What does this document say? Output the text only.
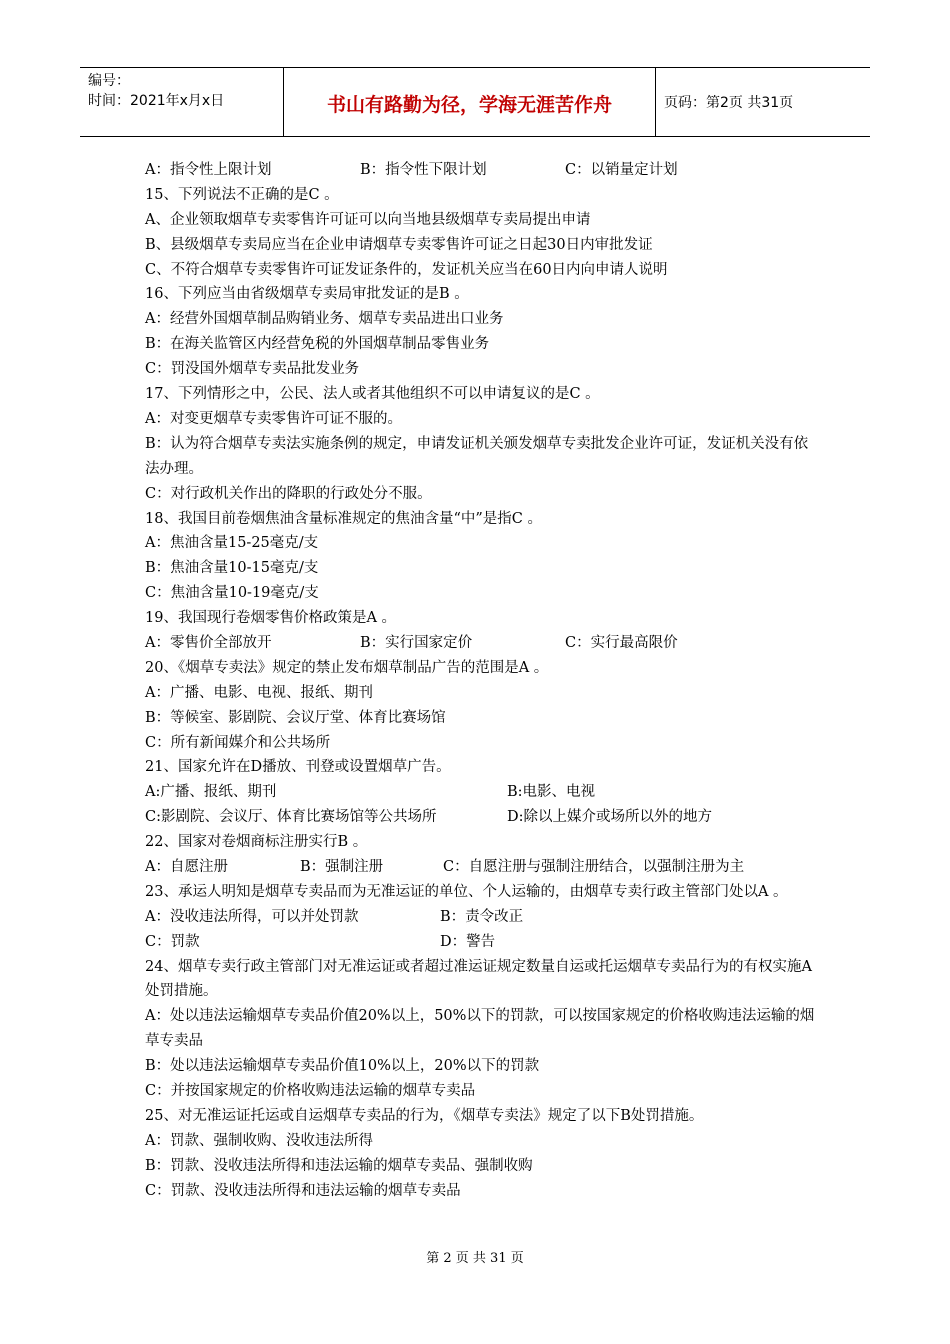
编号：
时间：2021年x月x日	书山有路勤为径，学海无涯苦作舟	页码：第2页 共31页
A：指令性上限计划	B：指令性下限计划	C：以销量定计划
15、下列说法不正确的是C 。
A、企业领取烟草专卖零售许可证可以向当地县级烟草专卖局提出申请
B、县级烟草专卖局应当在企业申请烟草专卖零售许可证之日起30日内审批发证
C、不符合烟草专卖零售许可证发证条件的，发证机关应当在60日内向申请人说明
16、下列应当由省级烟草专卖局审批发证的是B 。
A：经营外国烟草制品购销业务、烟草专卖品进出口业务
B：在海关监管区内经营免税的外国烟草制品零售业务
C：罚没国外烟草专卖品批发业务
17、下列情形之中，公民、法人或者其他组织不可以申请复议的是C 。
A：对变更烟草专卖零售许可证不服的。
B：认为符合烟草专卖法实施条例的规定，申请发证机关颁发烟草专卖批发企业许可证，发证机关没有依法办理。
C：对行政机关作出的降职的行政处分不服。
18、我国目前卷烟焦油含量标准规定的焦油含量“中”是指C 。
A：焦油含量15-25毫克/支
B：焦油含量10-15毫克/支
C：焦油含量10-19毫克/支
19、我国现行卷烟零售价格政策是A 。
A：零售价全部放开	B：实行国家定价	C：实行最高限价
20、《烟草专卖法》规定的禁止发布烟草制品广告的范围是A 。
A：广播、电影、电视、报纸、期刊
B：等候室、影剧院、会议厅堂、体育比赛场馆
C：所有新闻媒介和公共场所
21、国家允许在D播放、刊登或设置烟草广告。
A:广播、报纸、期刊	B:电影、电视
C:影剧院、会议厅、体育比赛场馆等公共场所	D:除以上媒介或场所以外的地方
22、国家对卷烟商标注册实行B 。
A：自愿注册	B：强制注册	C：自愿注册与强制注册结合，以强制注册为主
23、承运人明知是烟草专卖品而为无准运证的单位、个人运输的，由烟草专卖行政主管部门处以A 。
A：没收违法所得，可以并处罚款	B：责令改正
C：罚款	D：警告
24、烟草专卖行政主管部门对无准运证或者超过准运证规定数量自运或托运烟草专卖品行为的有权实施A处罚措施。
A：处以违法运输烟草专卖品价值20%以上，50%以下的罚款，可以按国家规定的价格收购违法运输的烟草专卖品
B：处以违法运输烟草专卖品价值10%以上，20%以下的罚款
C：并按国家规定的价格收购违法运输的烟草专卖品
25、对无准运证托运或自运烟草专卖品的行为，《烟草专卖法》规定了以下B处罚措施。
A：罚款、强制收购、没收违法所得
B：罚款、没收违法所得和违法运输的烟草专卖品、强制收购
C：罚款、没收违法所得和违法运输的烟草专卖品
第 2 页 共 31 页
